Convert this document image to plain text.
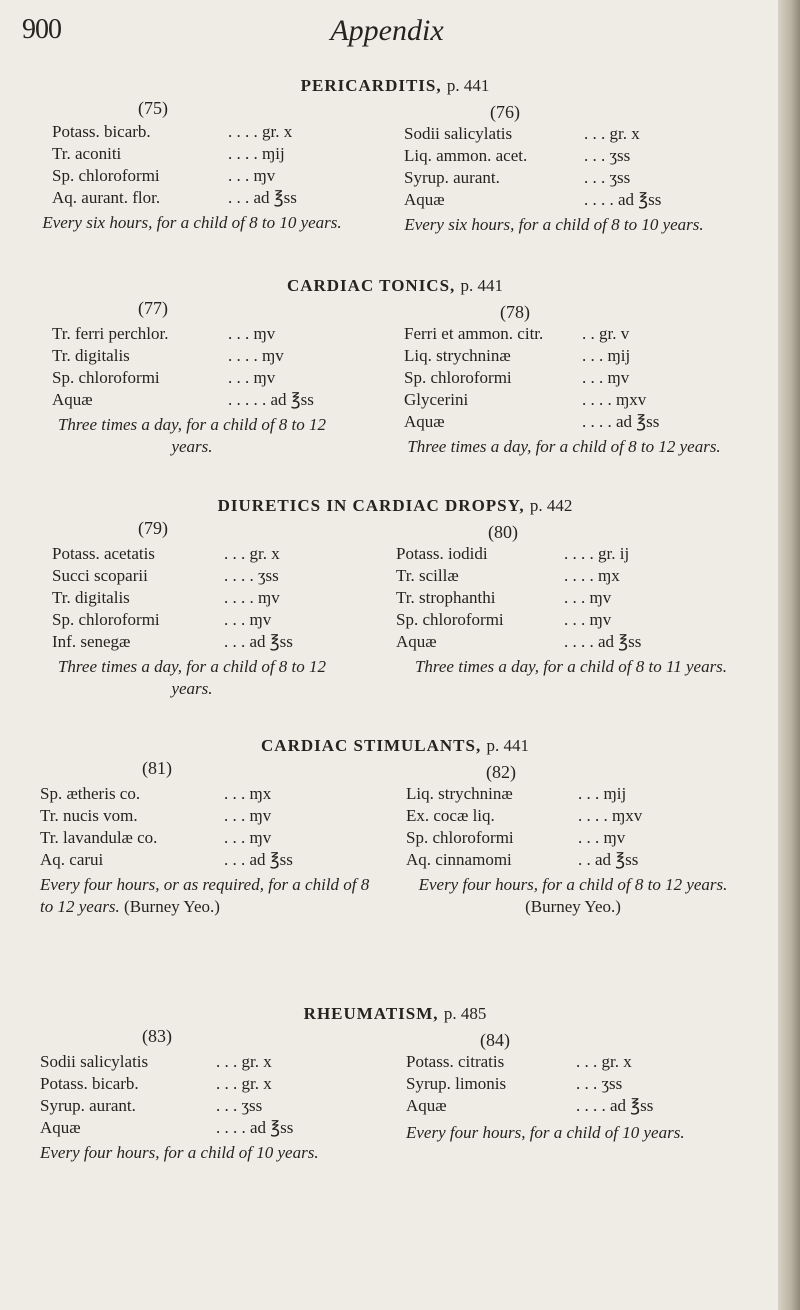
900	Appendix
PERICARDITIS, p. 441
(75)
Potass. bicarb.	. . . . gr. x
Tr. aconiti	. . . . ɱij
Sp. chloroformi	. . . ɱv
Aq. aurant. flor.	. . . ad ℥ss
Every six hours, for a child of 8 to 10 years.
(76)
Sodii salicylatis	. . . gr. x
Liq. ammon. acet.	. . . ʒss
Syrup. aurant.	. . . ʒss
Aquæ	. . . . ad ℥ss
Every six hours, for a child of 8 to 10 years.
CARDIAC TONICS, p. 441
(77)
Tr. ferri perchlor.	. . . ɱv
Tr. digitalis	. . . . ɱv
Sp. chloroformi	. . . ɱv
Aquæ	. . . . . ad ℥ss
Three times a day, for a child of 8 to 12 years.
(78)
Ferri et ammon. citr. . . gr. v
Liq. strychninæ	. . . ɱij
Sp. chloroformi	. . . ɱv
Glycerini	. . . . ɱxv
Aquæ	. . . . ad ℥ss
Three times a day, for a child of 8 to 12 years.
DIURETICS IN CARDIAC DROPSY, p. 442
(79)
Potass. acetatis	. . . gr. x
Succi scoparii	. . . . ʒss
Tr. digitalis	. . . . ɱv
Sp. chloroformi	. . . ɱv
Inf. senegæ	. . . ad ℥ss
Three times a day, for a child of 8 to 12 years.
(80)
Potass. iodidi	. . . . gr. ij
Tr. scillæ	. . . . ɱx
Tr. strophanthi	. . . ɱv
Sp. chloroformi	. . . ɱv
Aquæ	. . . . ad ℥ss
Three times a day, for a child of 8 to 11 years.
CARDIAC STIMULANTS, p. 441
(81)
Sp. ætheris co.	. . . ɱx
Tr. nucis vom.	. . . ɱv
Tr. lavandulæ co.	. . . ɱv
Aq. carui	. . . ad ℥ss
Every four hours, or as required, for a child of 8 to 12 years. (Burney Yeo.)
(82)
Liq. strychninæ	. . . ɱij
Ex. cocæ liq.	. . . . ɱxv
Sp. chloroformi	. . . ɱv
Aq. cinnamomi	. . ad ℥ss
Every four hours, for a child of 8 to 12 years. (Burney Yeo.)
RHEUMATISM, p. 485
(83)
Sodii salicylatis	. . . gr. x
Potass. bicarb.	. . . gr. x
Syrup. aurant.	. . . ʒss
Aquæ	. . . . ad ℥ss
Every four hours, for a child of 10 years.
(84)
Potass. citratis	. . . gr. x
Syrup. limonis	. . . ʒss
Aquæ	. . . . ad ℥ss
Every four hours, for a child of 10 years.
